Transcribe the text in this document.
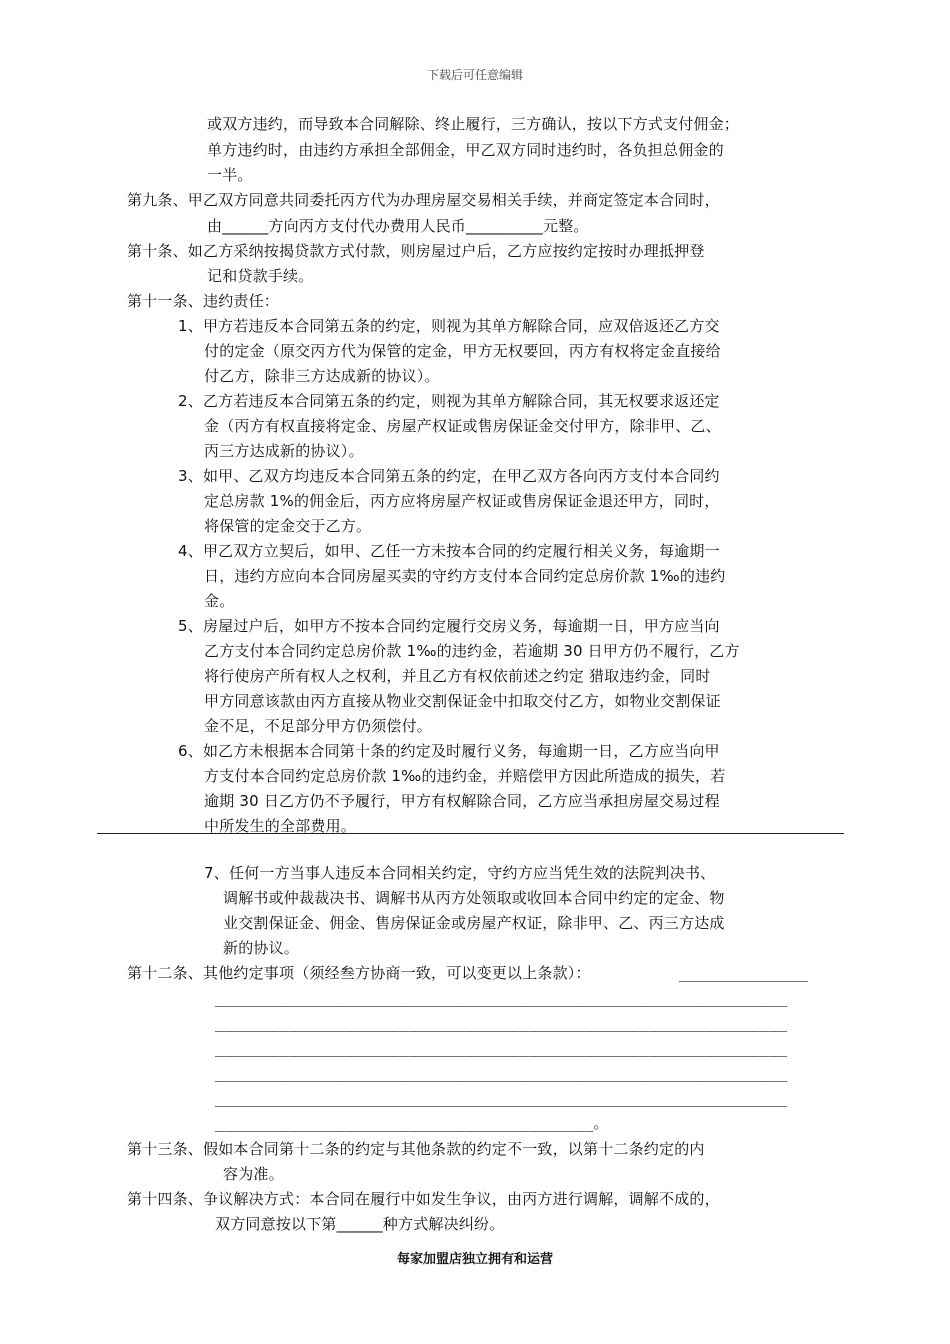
下载后可任意编辑
或双方违约，而导致本合同解除、终止履行，三方确认，按以下方式支付佣金；
单方违约时，由违约方承担全部佣金，甲乙双方同时违约时，各负担总佣金的
一半。
第九条、甲乙双方同意共同委托丙方代为办理房屋交易相关手续，并商定签定本合同时，
由______方向丙方支付代办费用人民币__________元整。
第十条、如乙方采纳按揭贷款方式付款，则房屋过户后，乙方应按约定按时办理抵押登
记和贷款手续。
第十一条、违约责任：
1、甲方若违反本合同第五条的约定，则视为其单方解除合同，应双倍返还乙方交
付的定金（原交丙方代为保管的定金，甲方无权要回，丙方有权将定金直接给
付乙方，除非三方达成新的协议）。
2、乙方若违反本合同第五条的约定，则视为其单方解除合同，其无权要求返还定
金（丙方有权直接将定金、房屋产权证或售房保证金交付甲方，除非甲、乙、
丙三方达成新的协议）。
3、如甲、乙双方均违反本合同第五条的约定，在甲乙双方各向丙方支付本合同约
定总房款 1%的佣金后，丙方应将房屋产权证或售房保证金退还甲方，同时，
将保管的定金交于乙方。
4、甲乙双方立契后，如甲、乙任一方未按本合同的约定履行相关义务，每逾期一
日，违约方应向本合同房屋买卖的守约方支付本合同约定总房价款 1‰的违约
金。
5、房屋过户后，如甲方不按本合同约定履行交房义务，每逾期一日，甲方应当向
乙方支付本合同约定总房价款 1‰的违约金，若逾期 30 日甲方仍不履行，乙方
将行使房产所有权人之权利，并且乙方有权依前述之约定 猎取违约金，同时
甲方同意该款由丙方直接从物业交割保证金中扣取交付乙方，如物业交割保证
金不足，不足部分甲方仍须偿付。
6、如乙方未根据本合同第十条的约定及时履行义务，每逾期一日，乙方应当向甲
方支付本合同约定总房价款 1‰的违约金，并赔偿甲方因此所造成的损失，若
逾期 30 日乙方仍不予履行，甲方有权解除合同，乙方应当承担房屋交易过程
中所发生的全部费用。
7、任何一方当事人违反本合同相关约定，守约方应当凭生效的法院判决书、
调解书或仲裁裁决书、调解书从丙方处领取或收回本合同中约定的定金、物
业交割保证金、佣金、售房保证金或房屋产权证，除非甲、乙、丙三方达成
新的协议。
第十二条、其他约定事项（须经叁方协商一致，可以变更以上条款）：
第十三条、假如本合同第十二条的约定与其他条款的约定不一致，以第十二条约定的内
容为准。
第十四条、争议解决方式：本合同在履行中如发生争议，由丙方进行调解，调解不成的，
双方同意按以下第______种方式解决纠纷。
______________
______________________________________________________________
______________________________________________________________
______________________________________________________________
______________________________________________________________
______________________________________________________________
_________________________________________。
每家加盟店独立拥有和运营
